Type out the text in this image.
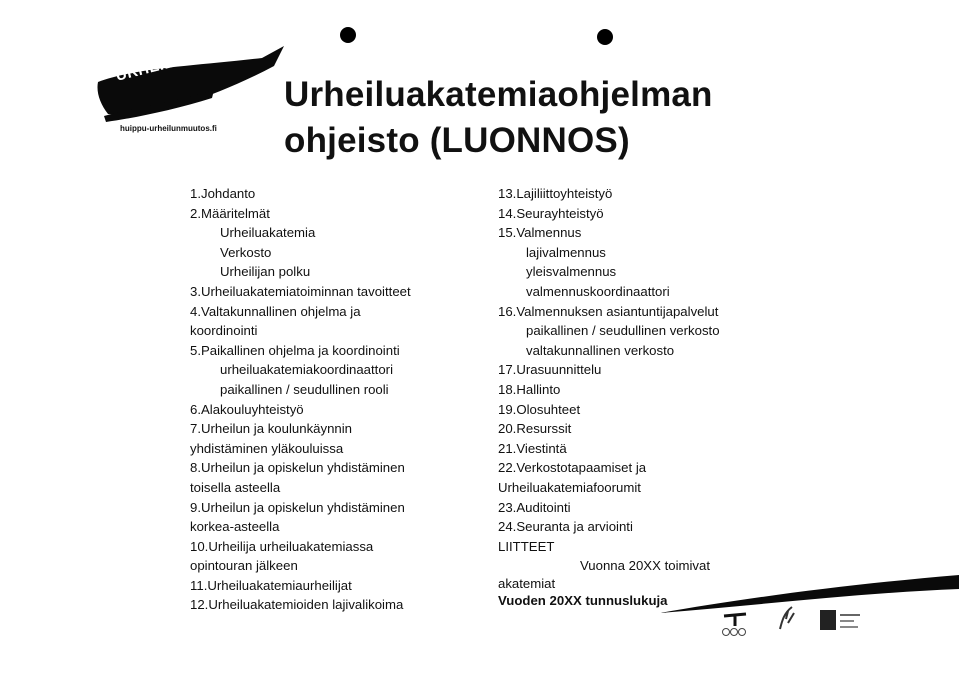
URHEILIJAN POLKU
huippu-urheilunmuutos.fi
Urheiluakatemiaohjelman
ohjeisto (LUONNOS)
1.Johdanto
2.Määritelmät
Urheiluakatemia
Verkosto
Urheilijan polku
3.Urheiluakatemiatoiminnan tavoitteet
4.Valtakunnallinen ohjelma ja
koordinointi
5.Paikallinen ohjelma ja koordinointi
urheiluakatemiakoordinaattori
paikallinen / seudullinen rooli
6.Alakouluyhteistyö
7.Urheilun ja koulunkäynnin
yhdistäminen yläkouluissa
8.Urheilun ja opiskelun yhdistäminen
toisella asteella
9.Urheilun ja opiskelun yhdistäminen
korkea-asteella
10.Urheilija urheiluakatemiassa
opintouran jälkeen
11.Urheiluakatemiaurheilijat
12.Urheiluakatemioiden lajivalikoima
13.Lajiliittoyhteistyö
14.Seurayhteistyö
15.Valmennus
lajivalmennus
yleisvalmennus
valmennuskoordinaattori
16.Valmennuksen asiantuntijapalvelut
paikallinen / seudullinen verkosto
valtakunnallinen verkosto
17.Urasuunnittelu
18.Hallinto
19.Olosuhteet
20.Resurssit
21.Viestintä
22.Verkostotapaamiset ja
Urheiluakatemiafoorumit
23.Auditointi
24.Seuranta ja arviointi
LIITTEET
Vuonna 20XX toimivat
akatemiat
Vuoden 20XX tunnuslukuja
